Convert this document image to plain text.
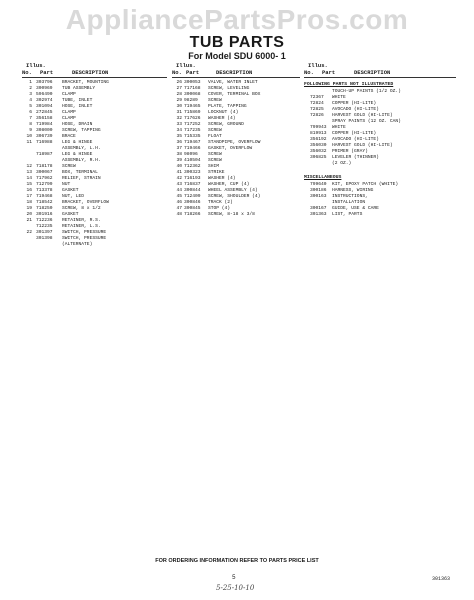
AppliancePartsPros.com
TUB PARTS
For Model SDU 6000- 1
Illus.
No. Part	DESCRIPTION
1 303796 BRACKET, MOUNTING
2 300969 TUB ASSEMBLY
3 596490 CLAMP
4 302974 TUBE, INLET
5 301094 HOSE, INLET
6 272845 CLAMP
7 356158 CLAMP
8 719984 HOSE, DRAIN
9 308000 SCREW, TAPPING
10 306739 BRACE
11 716988 LEG & HINGE
ASSEMBLY, L.H.
718987 LEG & HINGE
ASSEMBLY, R.H.
12 718178 SCREW
13 300067 BOX, TERMINAL
14 717962 RELIEF, STRAIN
15 712799 NUT
16 713378 GASKET
17 719468 NUT, LED
18 718542 BRACKET, OVERFLOW
19 718250 SCREW, 8 x 1/2
20 301916 GASKET
21 712236 RETAINER, R.S.
712235 RETAINER, L.S.
22 301397 SWITCH, PRESSURE
301398 SWITCH, PRESSURE
(ALTERNATE)
Illus.
No. Part	DESCRIPTION
26 300053 VALVE, WATER INLET
27 717168 SCREW, LEVELING
28 300068 COVER, TERMINAL BOX
29 98289 SCREW
30 719465 PLATE, TAPPING
31 715869 LOCKNUT (4)
32 717626 WASHER (4)
33 717252 SCREW, GROUND
34 717235 SCREW
35 715335 FLOAT
36 719467 STANDPIPE, OVERFLOW
37 719466 GASKET, OVERFLOW
38 98096 SCREW
39 410504 SCREW
40 712362 SHIM
41 300323 STRIKE
42 716193 WASHER (4)
43 716837 WASHER, CUP (4)
44 300844 WHEEL ASSEMBLY (4)
45 712409 SCREW, SHOULDER (4)
46 300846 TRACK (2)
47 300845 STOP (4)
48 718266 SCREW, 8-18 x 3/8
Illus.
No. Part	DESCRIPTION
FOLLOWING PARTS NOT ILLUSTRATED
TOUCH-UP PAINTS (1/2 OZ.)
72367 WHITE
72824 COPPER (HI-LITE)
72825 AVOCADO (HI-LITE)
72826 HARVEST GOLD (HI-LITE)
SPRAY PAINTS (12 OZ. CAN)
799943 WHITE
819913 COPPER (HI-LITE)
356192 AVOCADO (HI-LITE)
356030 HARVEST GOLD (HI-LITE)
356032 PRIMER (GRAY)
306825 LEVELER (THINNER)
(2 OZ.)
MISCELLANEOUS
799640 KIT, EPOXY PATCH (WHITE)
300186 HARNESS, WIRING
300163 INSTRUCTIONS,
INSTALLATION
300167 GUIDE, USE & CARE
301363 LIST, PARTS
FOR ORDERING INFORMATION REFER TO PARTS PRICE LIST
5	301363
5-25-10-10
